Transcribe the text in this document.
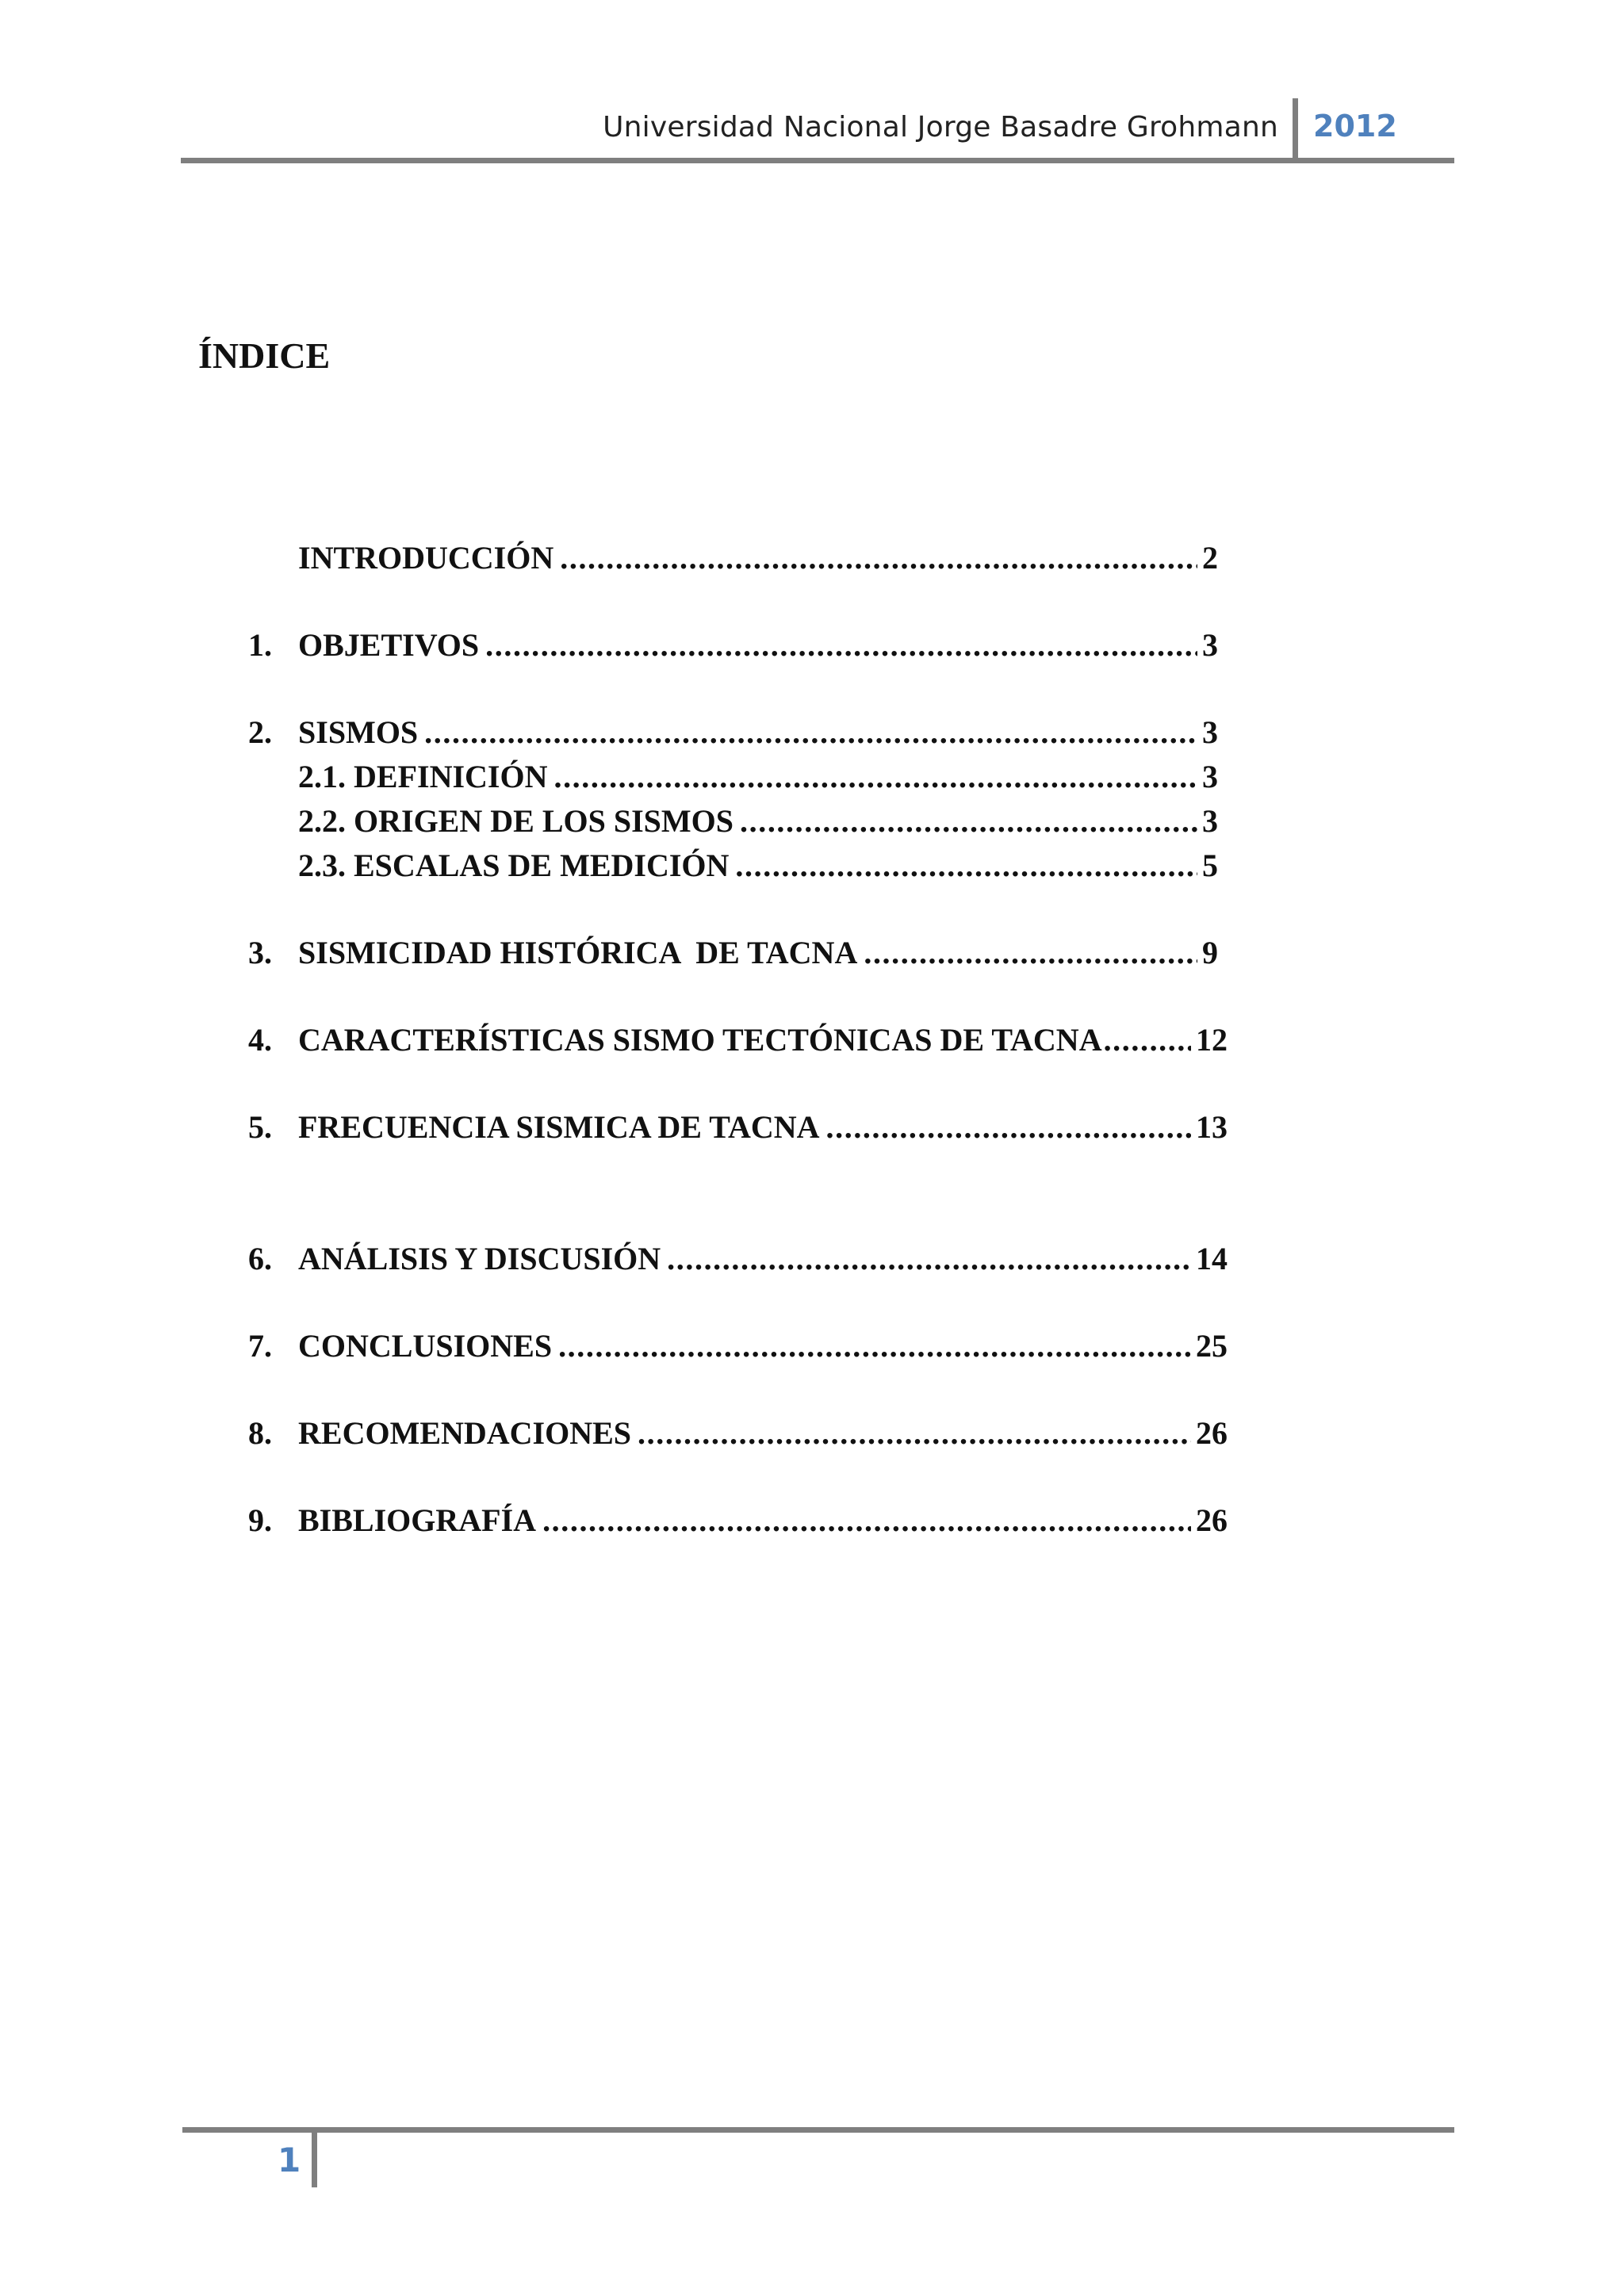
Universidad Nacional Jorge Basadre Grohmann 2012
ÍNDICE
INTRODUCCIÓN .....	2
1. OBJETIVOS .....	3
2. SISMOS .....	3
2.1. DEFINICIÓN .....	3
2.2. ORIGEN DE LOS SISMOS .....	3
2.3. ESCALAS DE MEDICIÓN .....	5
3. SISMICIDAD HISTÓRICA  DE TACNA .....	9
4. CARACTERÍSTICAS SISMO TECTÓNICAS DE TACNA .....	12
5. FRECUENCIA SISMICA DE TACNA .....	13
6. ANÁLISIS Y DISCUSIÓN .....	14
7. CONCLUSIONES .....	25
8. RECOMENDACIONES .....	26
9. BIBLIOGRAFÍA .....	26
1
